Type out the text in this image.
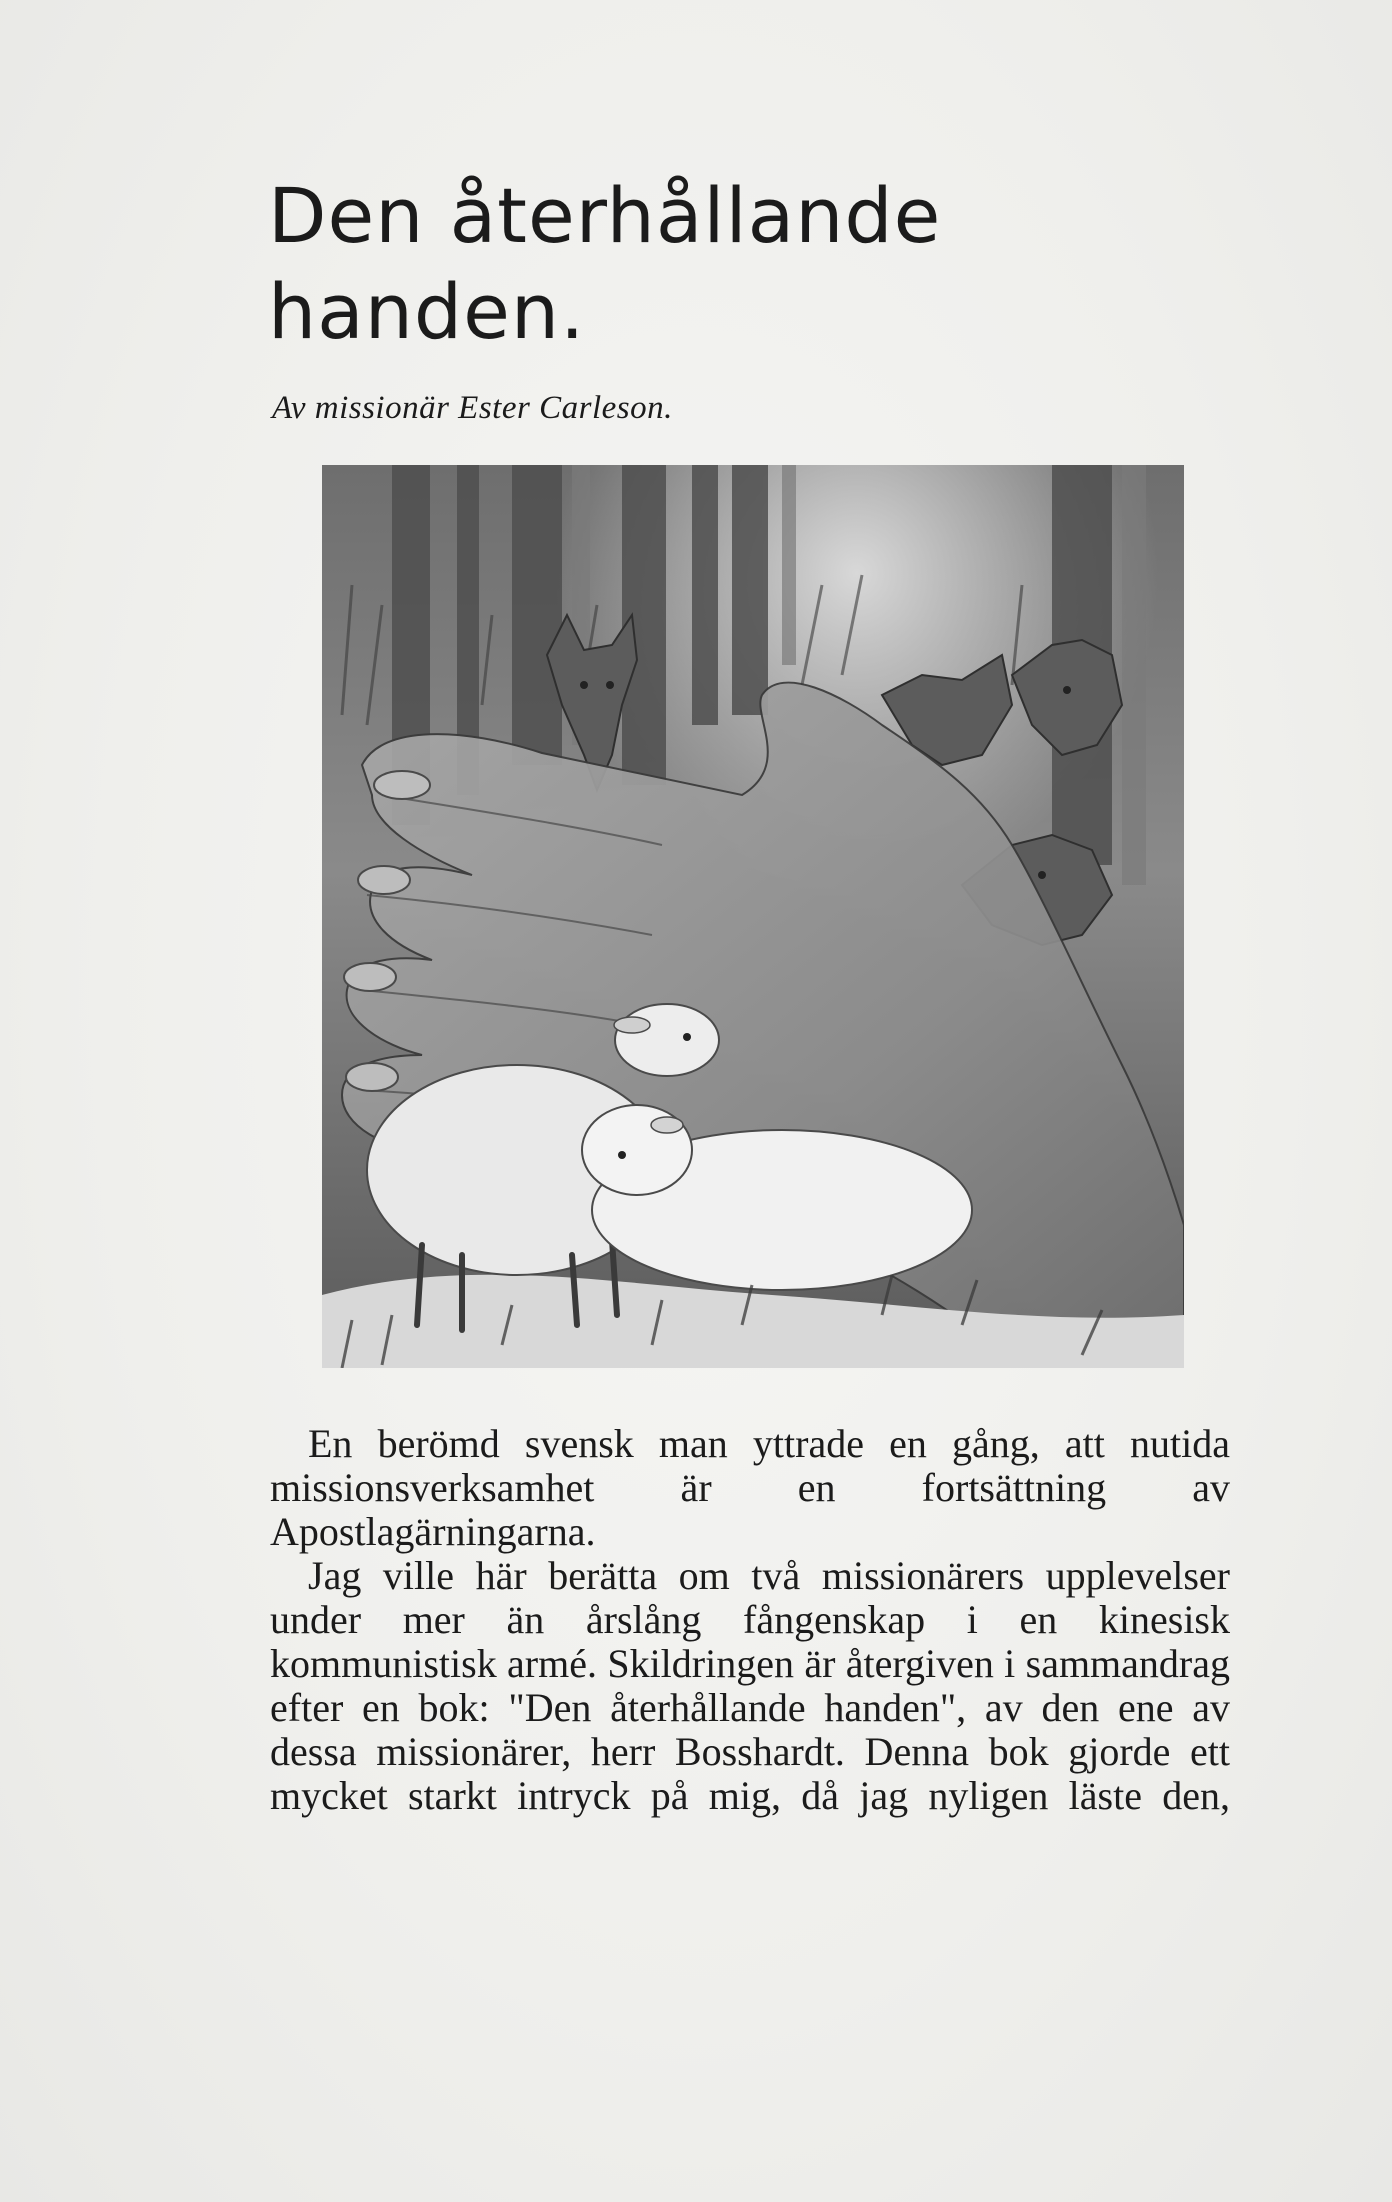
Den återhållande handen.
Av missionär Ester Carleson.

En berömd svensk man yttrade en gång, att nutida missionsverksamhet är en fortsättning av Apostlagärningarna.

Jag ville här berätta om två missionärers upplevelser under mer än årslång fångenskap i en kinesisk kommunistisk armé. Skildringen är återgiven i sammandrag efter en bok: "Den återhållande handen", av den ene av dessa missionärer, herr Bosshardt. Denna bok gjorde ett mycket starkt intryck på mig, då jag nyligen läste den,
